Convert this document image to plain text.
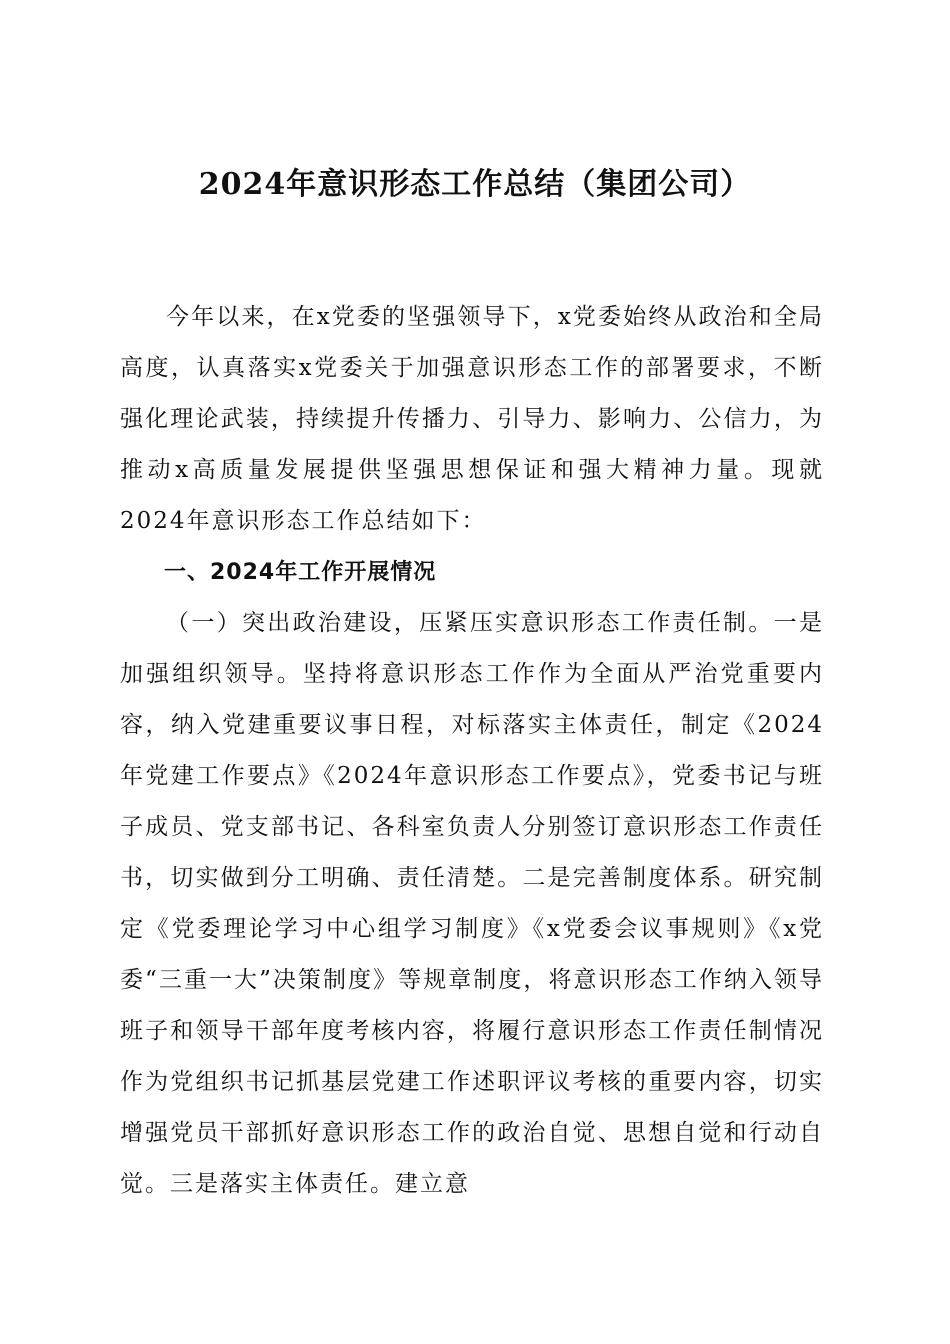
2024年意识形态工作总结（集团公司）

今年以来，在x党委的坚强领导下，x党委始终从政治和全局高度，认真落实x党委关于加强意识形态工作的部署要求，不断强化理论武装，持续提升传播力、引导力、影响力、公信力，为推动x高质量发展提供坚强思想保证和强大精神力量。现就2024年意识形态工作总结如下：

一、2024年工作开展情况

（一）突出政治建设，压紧压实意识形态工作责任制。一是加强组织领导。坚持将意识形态工作作为全面从严治党重要内容，纳入党建重要议事日程，对标落实主体责任，制定《2024年党建工作要点》《2024年意识形态工作要点》，党委书记与班子成员、党支部书记、各科室负责人分别签订意识形态工作责任书，切实做到分工明确、责任清楚。二是完善制度体系。研究制定《党委理论学习中心组学习制度》《x党委会议事规则》《x党委“三重一大”决策制度》等规章制度，将意识形态工作纳入领导班子和领导干部年度考核内容，将履行意识形态工作责任制情况作为党组织书记抓基层党建工作述职评议考核的重要内容，切实增强党员干部抓好意识形态工作的政治自觉、思想自觉和行动自觉。三是落实主体责任。建立意
